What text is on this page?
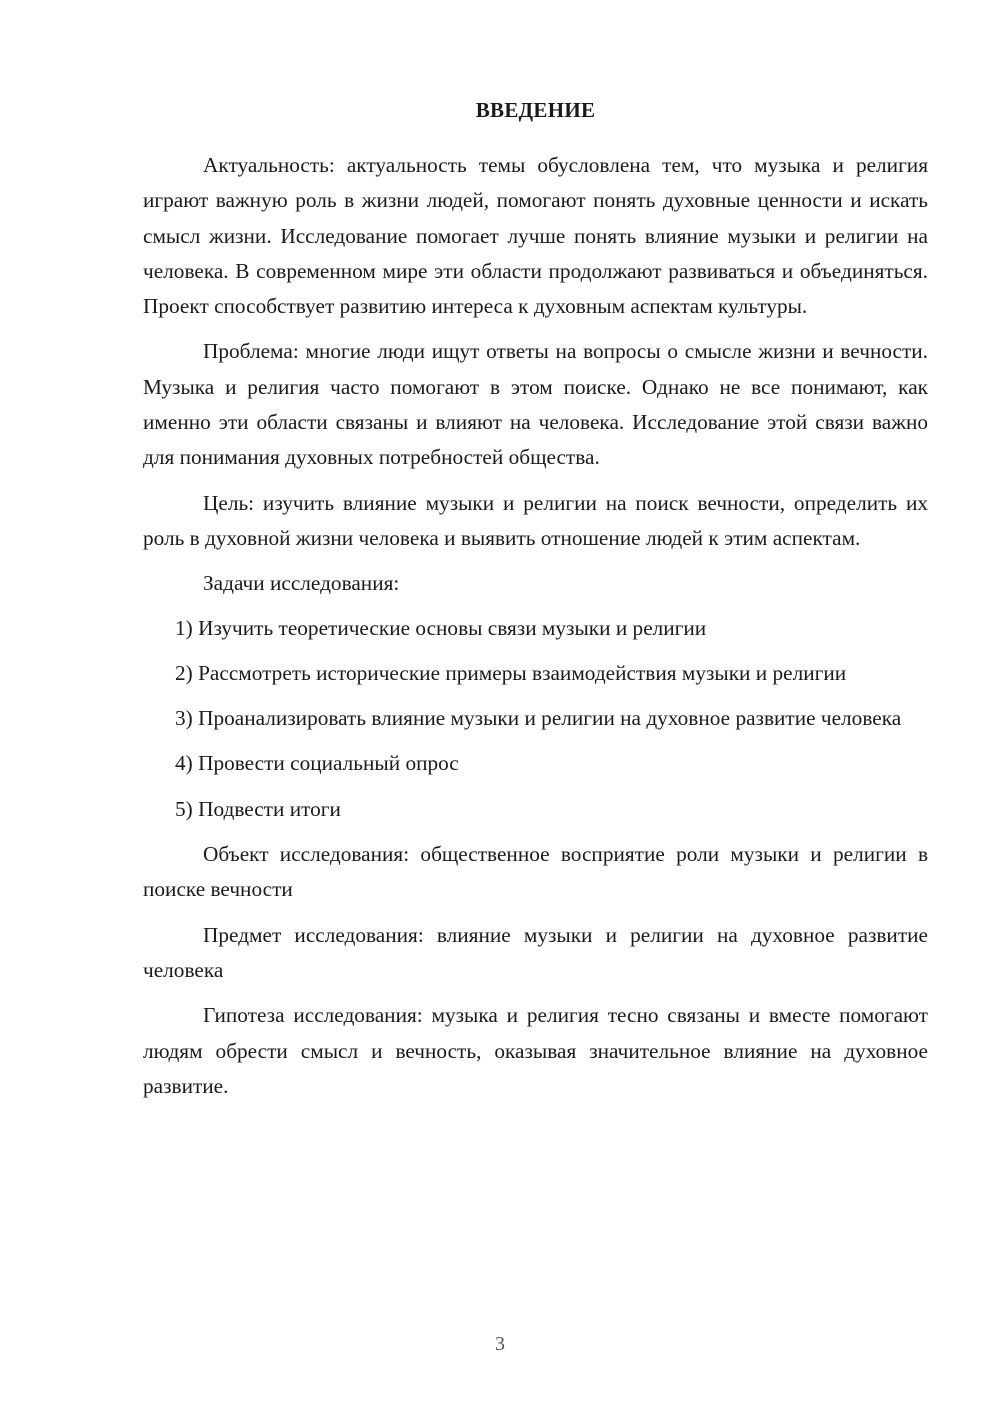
ВВЕДЕНИЕ

Актуальность: актуальность темы обусловлена тем, что музыка и религия играют важную роль в жизни людей, помогают понять духовные ценности и искать смысл жизни. Исследование помогает лучше понять влияние музыки и религии на человека. В современном мире эти области продолжают развиваться и объединяться. Проект способствует развитию интереса к духовным аспектам культуры.

Проблема: многие люди ищут ответы на вопросы о смысле жизни и вечности. Музыка и религия часто помогают в этом поиске. Однако не все понимают, как именно эти области связаны и влияют на человека. Исследование этой связи важно для понимания духовных потребностей общества.

Цель: изучить влияние музыки и религии на поиск вечности, определить их роль в духовной жизни человека и выявить отношение людей к этим аспектам.

Задачи исследования:

1) Изучить теоретические основы связи музыки и религии

2) Рассмотреть исторические примеры взаимодействия музыки и религии

3) Проанализировать влияние музыки и религии на духовное развитие человека

4) Провести социальный опрос

5) Подвести итоги

Объект исследования: общественное восприятие роли музыки и религии в поиске вечности

Предмет исследования: влияние музыки и религии на духовное развитие человека

Гипотеза исследования: музыка и религия тесно связаны и вместе помогают людям обрести смысл и вечность, оказывая значительное влияние на духовное развитие.

3
